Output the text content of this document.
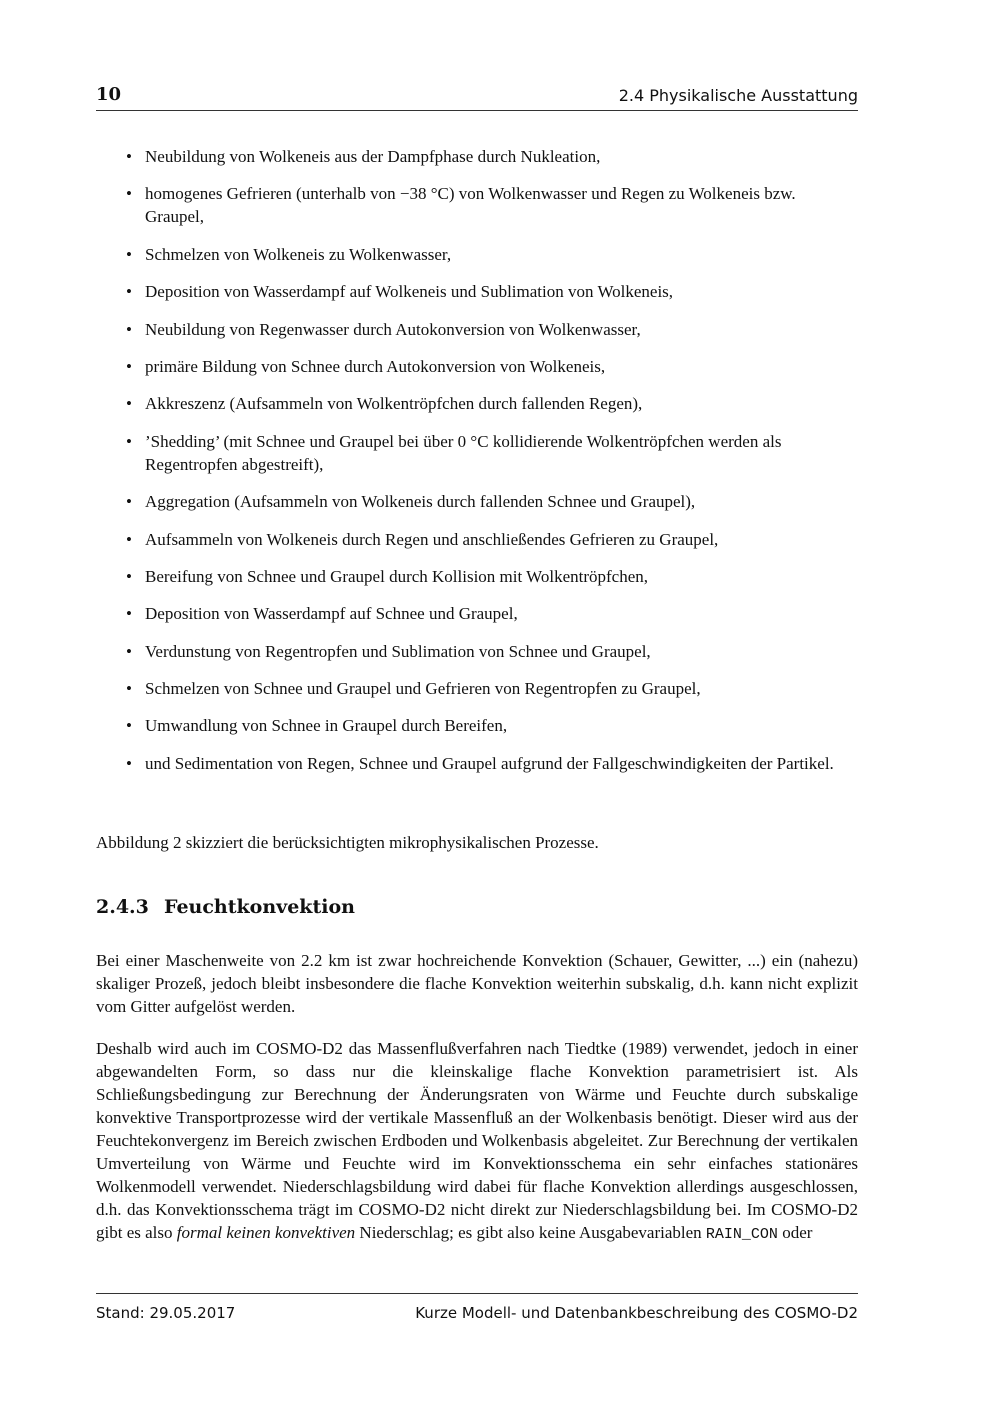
10	2.4 Physikalische Ausstattung
• Neubildung von Wolkeneis aus der Dampfphase durch Nukleation,
• homogenes Gefrieren (unterhalb von −38 °C) von Wolkenwasser und Regen zu Wolkeneis bzw. Graupel,
• Schmelzen von Wolkeneis zu Wolkenwasser,
• Deposition von Wasserdampf auf Wolkeneis und Sublimation von Wolkeneis,
• Neubildung von Regenwasser durch Autokonversion von Wolkenwasser,
• primäre Bildung von Schnee durch Autokonversion von Wolkeneis,
• Akkreszenz (Aufsammeln von Wolkentröpfchen durch fallenden Regen),
• ’Shedding’ (mit Schnee und Graupel bei über 0 °C kollidierende Wolkentröpfchen werden als Regentropfen abgestreift),
• Aggregation (Aufsammeln von Wolkeneis durch fallenden Schnee und Graupel),
• Aufsammeln von Wolkeneis durch Regen und anschließendes Gefrieren zu Graupel,
• Bereifung von Schnee und Graupel durch Kollision mit Wolkentröpfchen,
• Deposition von Wasserdampf auf Schnee und Graupel,
• Verdunstung von Regentropfen und Sublimation von Schnee und Graupel,
• Schmelzen von Schnee und Graupel und Gefrieren von Regentropfen zu Graupel,
• Umwandlung von Schnee in Graupel durch Bereifen,
• und Sedimentation von Regen, Schnee und Graupel aufgrund der Fallgeschwindigkeiten der Partikel.

Abbildung 2 skizziert die berücksichtigten mikrophysikalischen Prozesse.

2.4.3 Feuchtkonvektion

Bei einer Maschenweite von 2.2 km ist zwar hochreichende Konvektion (Schauer, Gewitter, ...) ein (nahezu) skaliger Prozeß, jedoch bleibt insbesondere die flache Konvektion weiterhin subskalig, d.h. kann nicht explizit vom Gitter aufgelöst werden.

Deshalb wird auch im COSMO-D2 das Massenflußverfahren nach Tiedtke (1989) verwendet, jedoch in einer abgewandelten Form, so dass nur die kleinskalige flache Konvektion parametrisiert ist. Als Schließungsbedingung zur Berechnung der Änderungsraten von Wärme und Feuchte durch subskalige konvektive Transportprozesse wird der vertikale Massenfluß an der Wolkenbasis benötigt. Dieser wird aus der Feuchtekonvergenz im Bereich zwischen Erdboden und Wolkenbasis abgeleitet. Zur Berechnung der vertikalen Umverteilung von Wärme und Feuchte wird im Konvektionsschema ein sehr einfaches stationäres Wolkenmodell verwendet. Niederschlagsbildung wird dabei für flache Konvektion allerdings ausgeschlossen, d.h. das Konvektionsschema trägt im COSMO-D2 nicht direkt zur Niederschlagsbildung bei. Im COSMO-D2 gibt es also formal keinen konvektiven Niederschlag; es gibt also keine Ausgabevariablen RAIN_CON oder

Stand: 29.05.2017	Kurze Modell- und Datenbankbeschreibung des COSMO-D2
